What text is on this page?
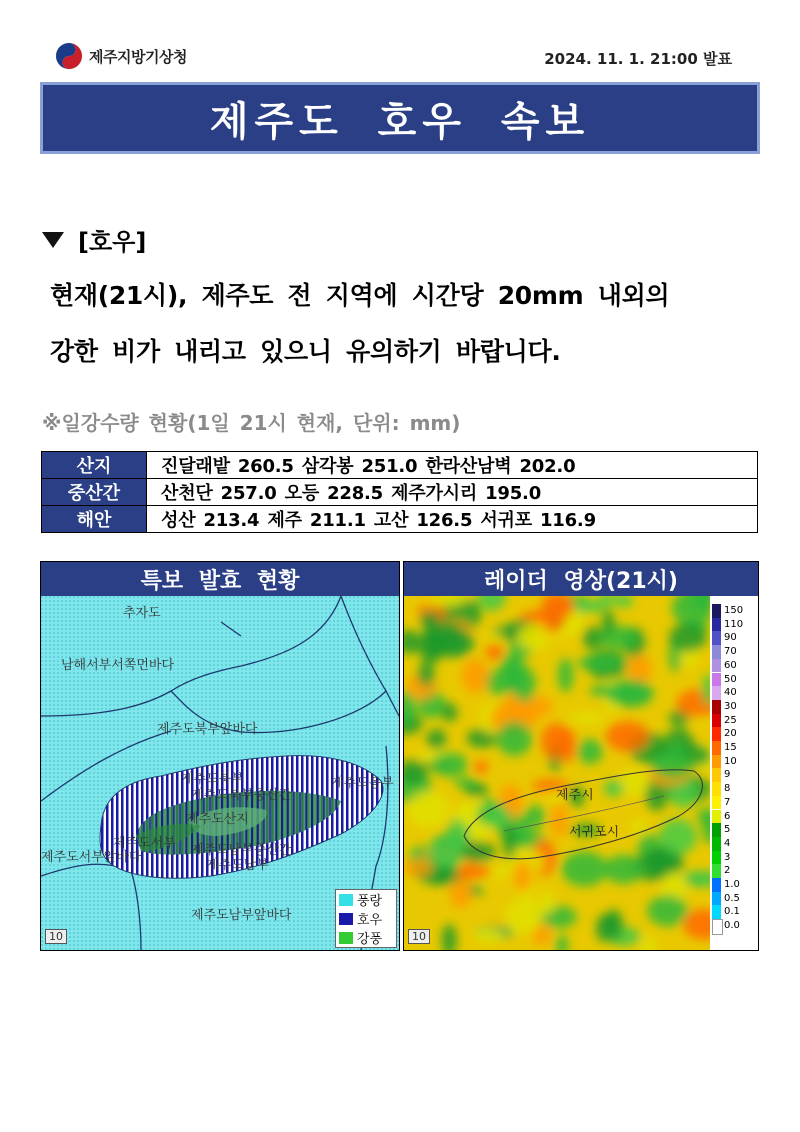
제주지방기상청	2024. 11. 1. 21:00 발표
제주도 호우 속보
[호우]
현재(21시), 제주도 전 지역에 시간당 20mm 내외의
강한 비가 내리고 있으니 유의하기 바랍니다.
※일강수량 현황(1일 21시 현재, 단위: mm)
산지	진달래밭 260.5 삼각봉 251.0 한라산남벽 202.0
중산간	산천단 257.0 오등 228.5 제주가시리 195.0
해안	성산 213.4 제주 211.1 고산 126.5 서귀포 116.9
특보 발효 현황
추자도
남해서부서쪽먼바다
제주도북부앞바다
제주도북부
제주도북부중산간
제주도동부
제주도산지
제주도서부
제주도서부앞바다	제주도남부중산간
제주도남부
제주도남부앞바다
10
풍랑
호우
강풍
레이더 영상(21시)
제주시
서귀포시
10
150
110
90
70
60
50
40
30
25
20
15
10
9
8
7
6
5
4
3
2
1.0
0.5
0.1
0.0
